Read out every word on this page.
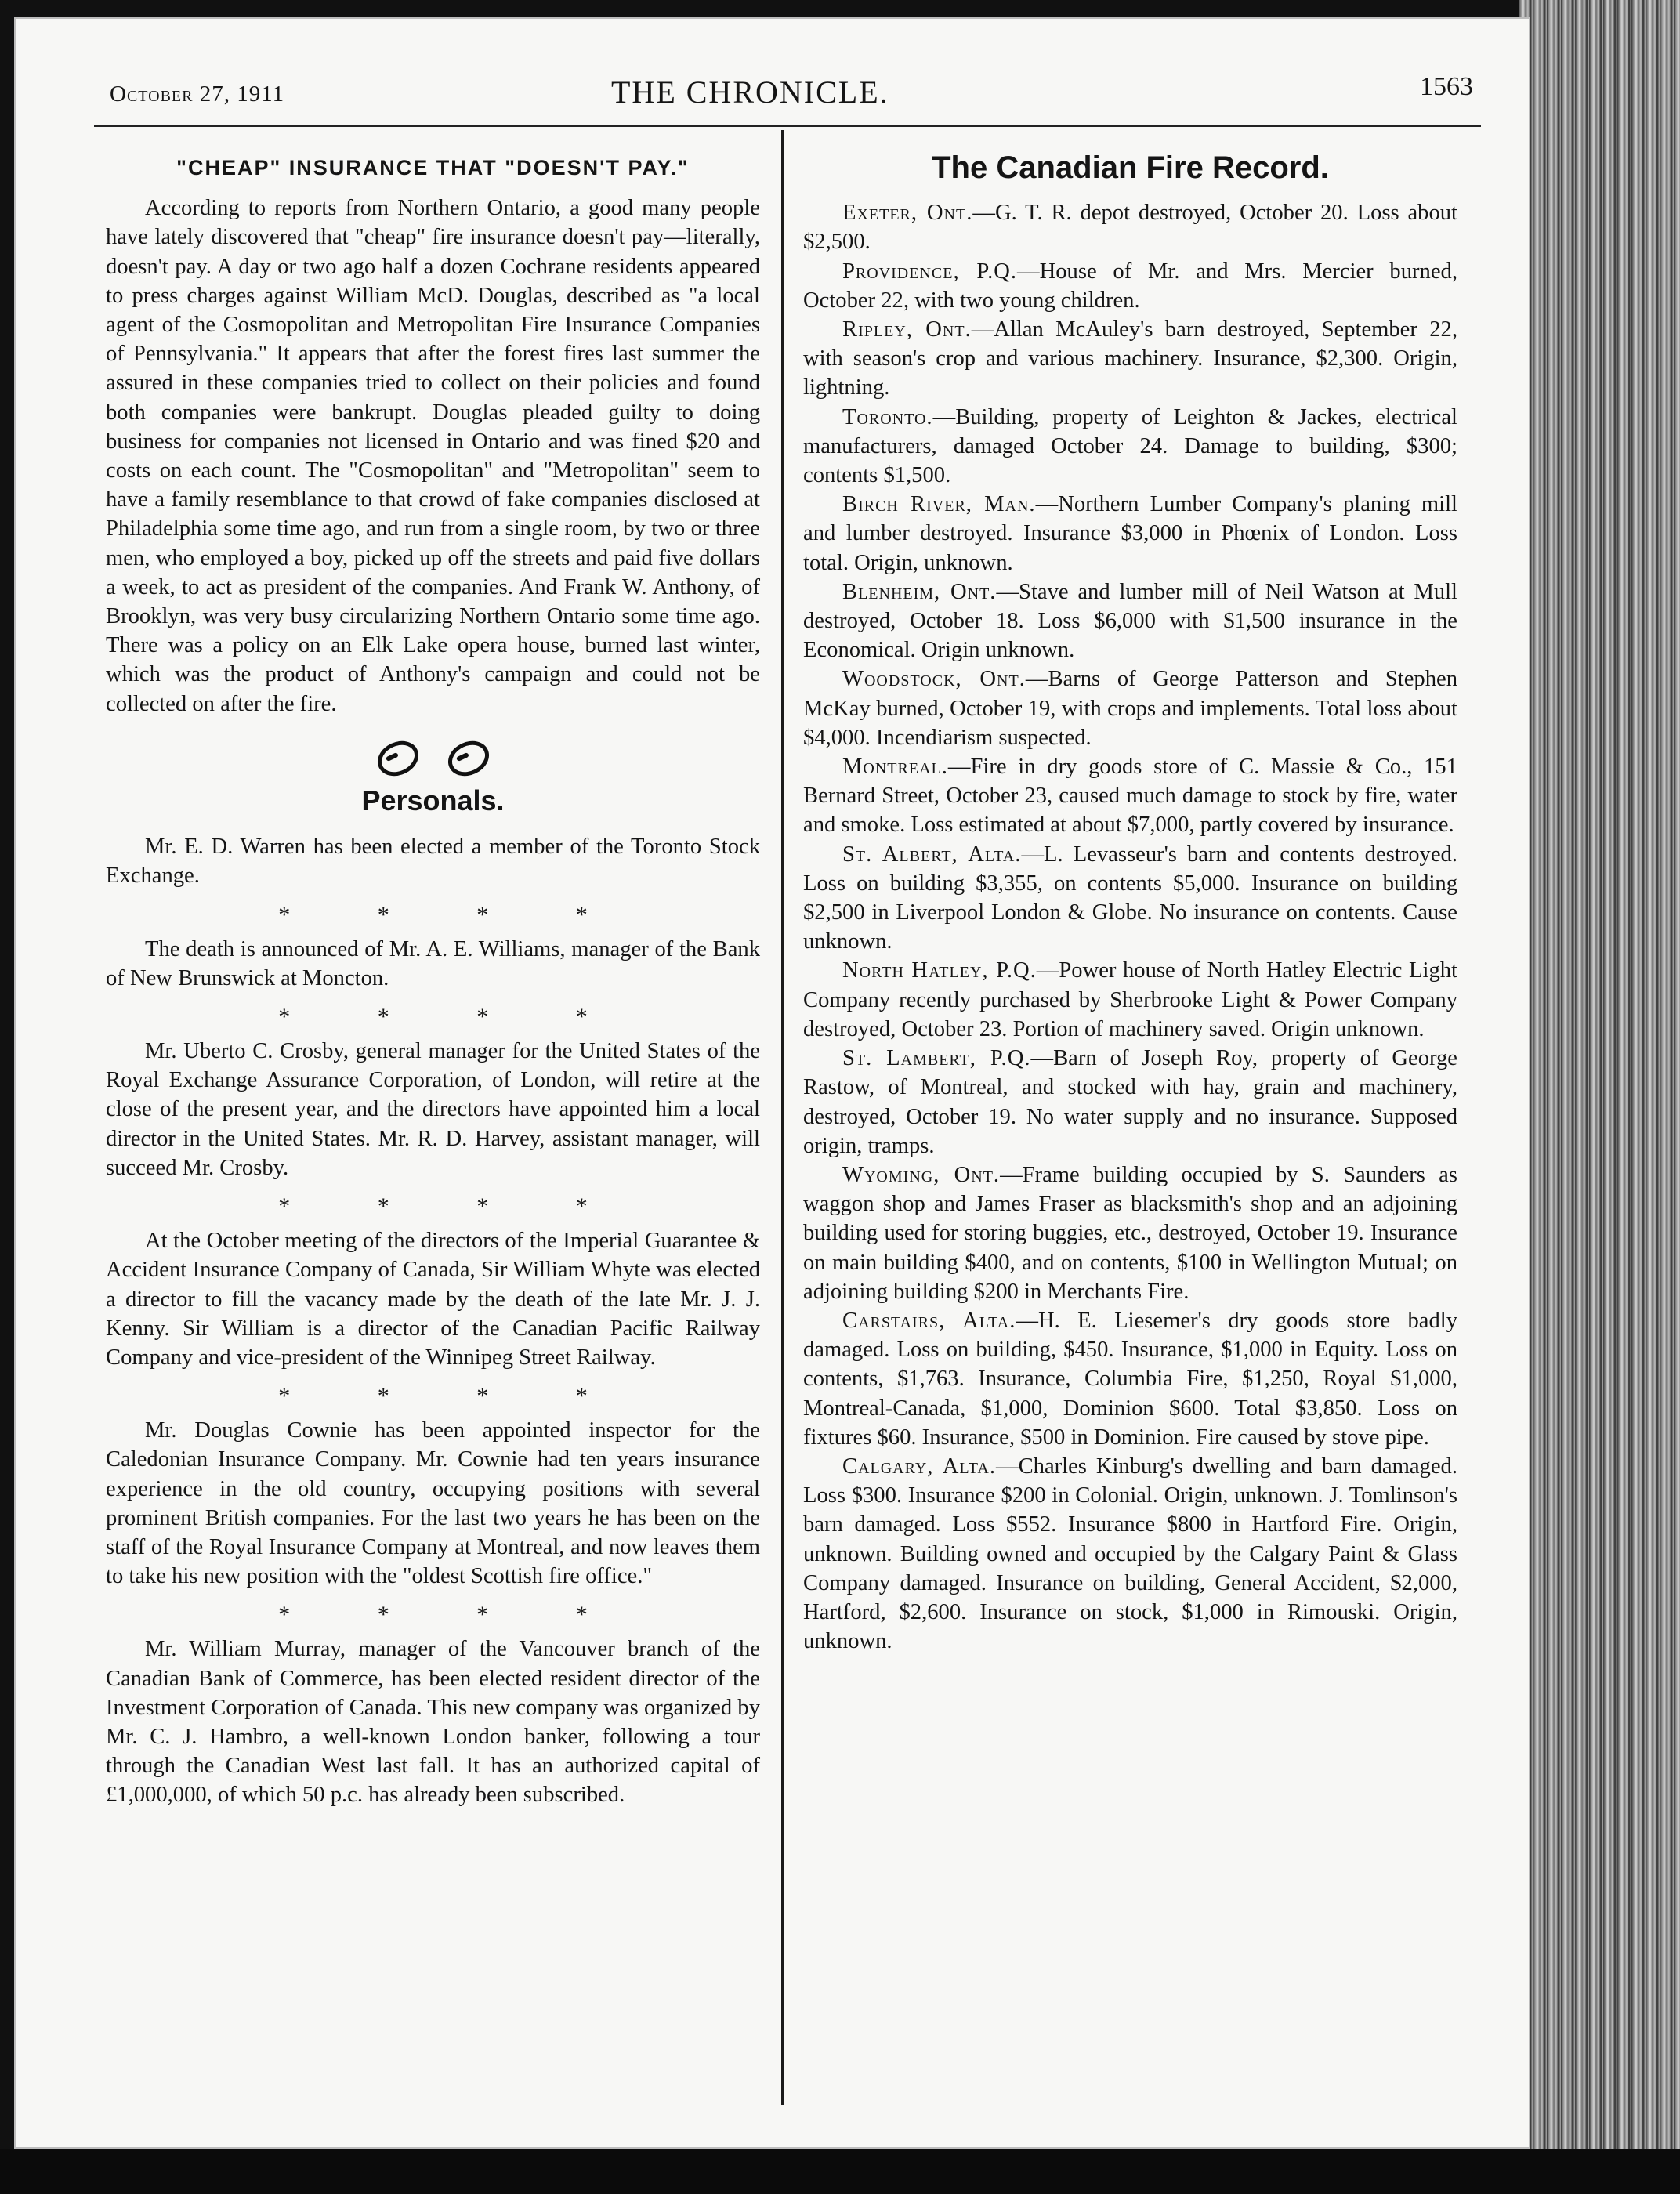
October 27, 1911	THE CHRONICLE.	1563
"CHEAP" INSURANCE THAT "DOESN'T PAY."

According to reports from Northern Ontario, a good many people have lately discovered that "cheap" fire insurance doesn't pay—literally, doesn't pay. A day or two ago half a dozen Cochrane residents appeared to press charges against William McD. Douglas, described as "a local agent of the Cosmopolitan and Metropolitan Fire Insurance Companies of Pennsylvania." It appears that after the forest fires last summer the assured in these companies tried to collect on their policies and found both companies were bankrupt. Douglas pleaded guilty to doing business for companies not licensed in Ontario and was fined $20 and costs on each count. The "Cosmopolitan" and "Metropolitan" seem to have a family resemblance to that crowd of fake companies disclosed at Philadelphia some time ago, and run from a single room, by two or three men, who employed a boy, picked up off the streets and paid five dollars a week, to act as president of the companies. And Frank W. Anthony, of Brooklyn, was very busy circularizing Northern Ontario some time ago. There was a policy on an Elk Lake opera house, burned last winter, which was the product of Anthony's campaign and could not be collected on after the fire.

Personals.

Mr. E. D. Warren has been elected a member of the Toronto Stock Exchange.

* * * *

The death is announced of Mr. A. E. Williams, manager of the Bank of New Brunswick at Moncton.

* * * *

Mr. Uberto C. Crosby, general manager for the United States of the Royal Exchange Assurance Corporation, of London, will retire at the close of the present year, and the directors have appointed him a local director in the United States. Mr. R. D. Harvey, assistant manager, will succeed Mr. Crosby.

* * * *

At the October meeting of the directors of the Imperial Guarantee & Accident Insurance Company of Canada, Sir William Whyte was elected a director to fill the vacancy made by the death of the late Mr. J. J. Kenny. Sir William is a director of the Canadian Pacific Railway Company and vice-president of the Winnipeg Street Railway.

* * * *

Mr. Douglas Cownie has been appointed inspector for the Caledonian Insurance Company. Mr. Cownie had ten years insurance experience in the old country, occupying positions with several prominent British companies. For the last two years he has been on the staff of the Royal Insurance Company at Montreal, and now leaves them to take his new position with the "oldest Scottish fire office."

* * * *

Mr. William Murray, manager of the Vancouver branch of the Canadian Bank of Commerce, has been elected resident director of the Investment Corporation of Canada. This new company was organized by Mr. C. J. Hambro, a well-known London banker, following a tour through the Canadian West last fall. It has an authorized capital of £1,000,000, of which 50 p.c. has already been subscribed.

The Canadian Fire Record.

Exeter, Ont.—G. T. R. depot destroyed, October 20. Loss about $2,500.

Providence, P.Q.—House of Mr. and Mrs. Mercier burned, October 22, with two young children.

Ripley, Ont.—Allan McAuley's barn destroyed, September 22, with season's crop and various machinery. Insurance, $2,300. Origin, lightning.

Toronto.—Building, property of Leighton & Jackes, electrical manufacturers, damaged October 24. Damage to building, $300; contents $1,500.

Birch River, Man.—Northern Lumber Company's planing mill and lumber destroyed. Insurance $3,000 in Phœnix of London. Loss total. Origin, unknown.

Blenheim, Ont.—Stave and lumber mill of Neil Watson at Mull destroyed, October 18. Loss $6,000 with $1,500 insurance in the Economical. Origin unknown.

Woodstock, Ont.—Barns of George Patterson and Stephen McKay burned, October 19, with crops and implements. Total loss about $4,000. Incendiarism suspected.

Montreal.—Fire in dry goods store of C. Massie & Co., 151 Bernard Street, October 23, caused much damage to stock by fire, water and smoke. Loss estimated at about $7,000, partly covered by insurance.

St. Albert, Alta.—L. Levasseur's barn and contents destroyed. Loss on building $3,355, on contents $5,000. Insurance on building $2,500 in Liverpool London & Globe. No insurance on contents. Cause unknown.

North Hatley, P.Q.—Power house of North Hatley Electric Light Company recently purchased by Sherbrooke Light & Power Company destroyed, October 23. Portion of machinery saved. Origin unknown.

St. Lambert, P.Q.—Barn of Joseph Roy, property of George Rastow, of Montreal, and stocked with hay, grain and machinery, destroyed, October 19. No water supply and no insurance. Supposed origin, tramps.

Wyoming, Ont.—Frame building occupied by S. Saunders as waggon shop and James Fraser as blacksmith's shop and an adjoining building used for storing buggies, etc., destroyed, October 19. Insurance on main building $400, and on contents, $100 in Wellington Mutual; on adjoining building $200 in Merchants Fire.

Carstairs, Alta.—H. E. Liesemer's dry goods store badly damaged. Loss on building, $450. Insurance, $1,000 in Equity. Loss on contents, $1,763. Insurance, Columbia Fire, $1,250, Royal $1,000, Montreal-Canada, $1,000, Dominion $600. Total $3,850. Loss on fixtures $60. Insurance, $500 in Dominion. Fire caused by stove pipe.

Calgary, Alta.—Charles Kinburg's dwelling and barn damaged. Loss $300. Insurance $200 in Colonial. Origin, unknown. J. Tomlinson's barn damaged. Loss $552. Insurance $800 in Hartford Fire. Origin, unknown. Building owned and occupied by the Calgary Paint & Glass Company damaged. Insurance on building, General Accident, $2,000, Hartford, $2,600. Insurance on stock, $1,000 in Rimouski. Origin, unknown.
